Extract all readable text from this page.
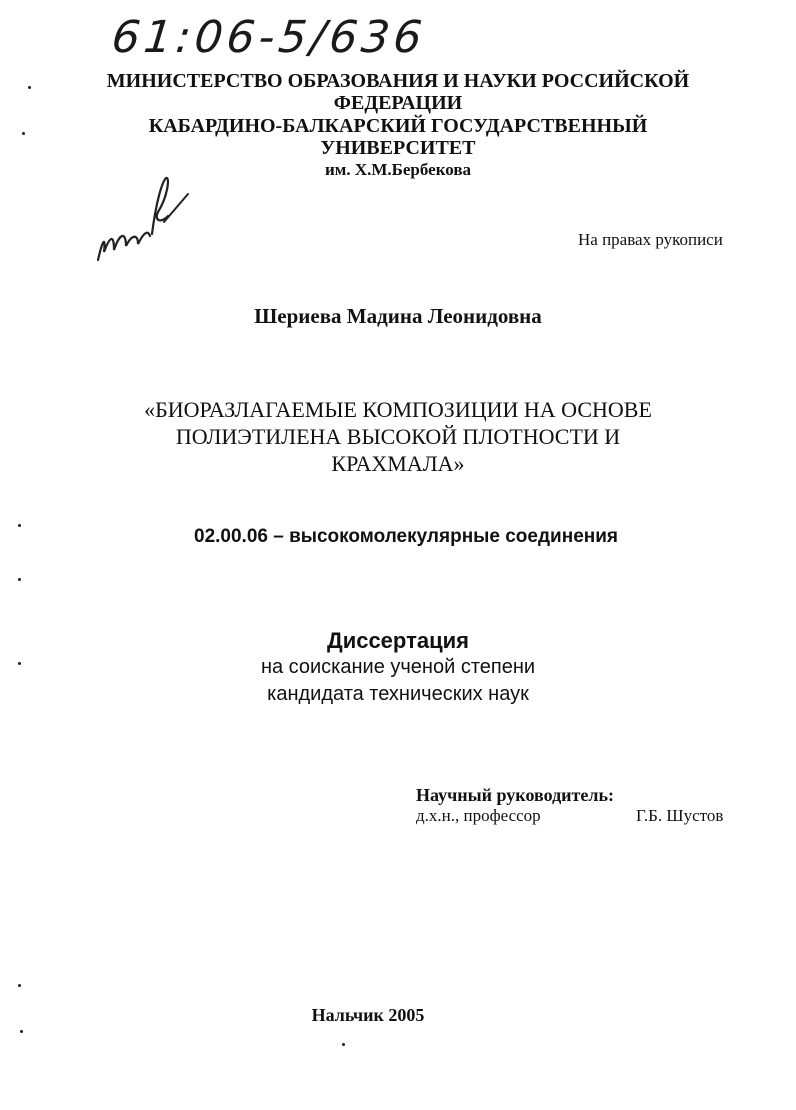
61:06-5/636
МИНИСТЕРСТВО ОБРАЗОВАНИЯ И НАУКИ РОССИЙСКОЙ
ФЕДЕРАЦИИ
КАБАРДИНО-БАЛКАРСКИЙ ГОСУДАРСТВЕННЫЙ
УНИВЕРСИТЕТ
им. Х.М.Бербекова
На правах рукописи
Шериева Мадина Леонидовна
«БИОРАЗЛАГАЕМЫЕ КОМПОЗИЦИИ НА ОСНОВЕ
ПОЛИЭТИЛЕНА ВЫСОКОЙ ПЛОТНОСТИ И
КРАХМАЛА»
02.00.06 – высокомолекулярные соединения
Диссертация
на соискание ученой степени
кандидата технических наук
Научный руководитель:
д.х.н., профессор	Г.Б. Шустов
Нальчик 2005
